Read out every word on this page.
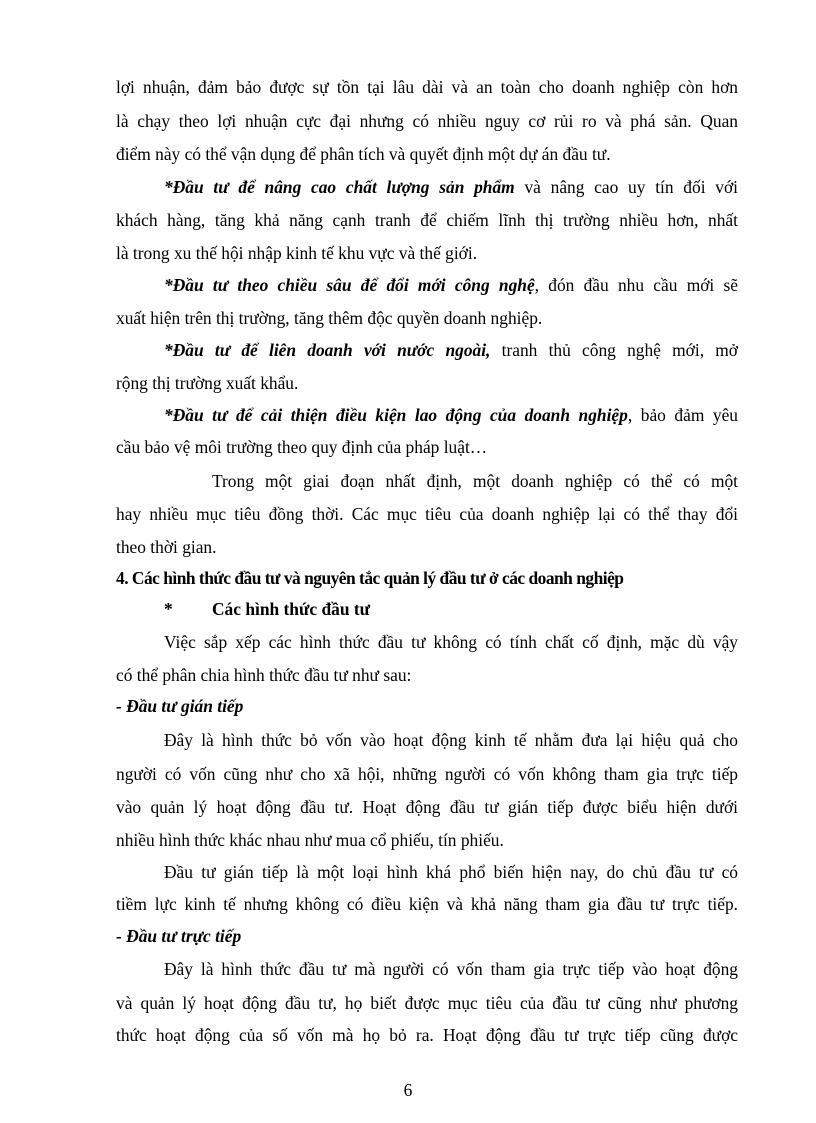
lợi nhuận, đảm bảo được sự tồn tại lâu dài và an toàn cho doanh nghiệp còn hơn
là chạy theo lợi nhuận cực đại nhưng có nhiều nguy cơ rủi ro và phá sản. Quan
điểm này có thể vận dụng để phân tích và quyết định một dự án đầu tư.
*Đầu tư để nâng cao chất lượng sản phẩm và nâng cao uy tín đối với
khách hàng, tăng khả năng cạnh tranh để chiếm lĩnh thị trường nhiều hơn, nhất
là trong xu thế hội nhập kinh tế khu vực và thế giới.
*Đầu tư theo chiều sâu để đổi mới công nghệ, đón đầu nhu cầu mới sẽ
xuất hiện trên thị trường, tăng thêm độc quyền doanh nghiệp.
*Đầu tư để liên doanh với nước ngoài, tranh thủ công nghệ mới, mở
rộng thị trường xuất khẩu.
*Đầu tư để cải thiện điều kiện lao động của doanh nghiệp, bảo đảm yêu
cầu bảo vệ môi trường theo quy định của pháp luật…
Trong một giai đoạn nhất định, một doanh nghiệp có thể có một
hay nhiều mục tiêu đồng thời. Các mục tiêu của doanh nghiệp lại có thể thay đổi
theo thời gian.
4. Các hình thức đầu tư và nguyên tắc quản lý đầu tư ở các doanh nghiệp
*	Các hình thức đầu tư
Việc sắp xếp các hình thức đầu tư không có tính chất cố định, mặc dù vậy
có thể phân chia hình thức đầu tư như sau:
- Đầu tư gián tiếp
Đây là hình thức bỏ vốn vào hoạt động kinh tế nhằm đưa lại hiệu quả cho
người có vốn cũng như cho xã hội, những người có vốn không tham gia trực tiếp
vào quản lý hoạt động đầu tư. Hoạt động đầu tư gián tiếp được biểu hiện dưới
nhiều hình thức khác nhau như mua cổ phiếu, tín phiếu.
Đầu tư gián tiếp là một loại hình khá phổ biến hiện nay, do chủ đầu tư có
tiềm lực kinh tế nhưng không có điều kiện và khả năng tham gia đầu tư trực tiếp.
- Đầu tư trực tiếp
Đây là hình thức đầu tư mà người có vốn tham gia trực tiếp vào hoạt động
và quản lý hoạt động đầu tư, họ biết được mục tiêu của đầu tư cũng như phương
thức hoạt động của số vốn mà họ bỏ ra. Hoạt động đầu tư trực tiếp cũng được
6
